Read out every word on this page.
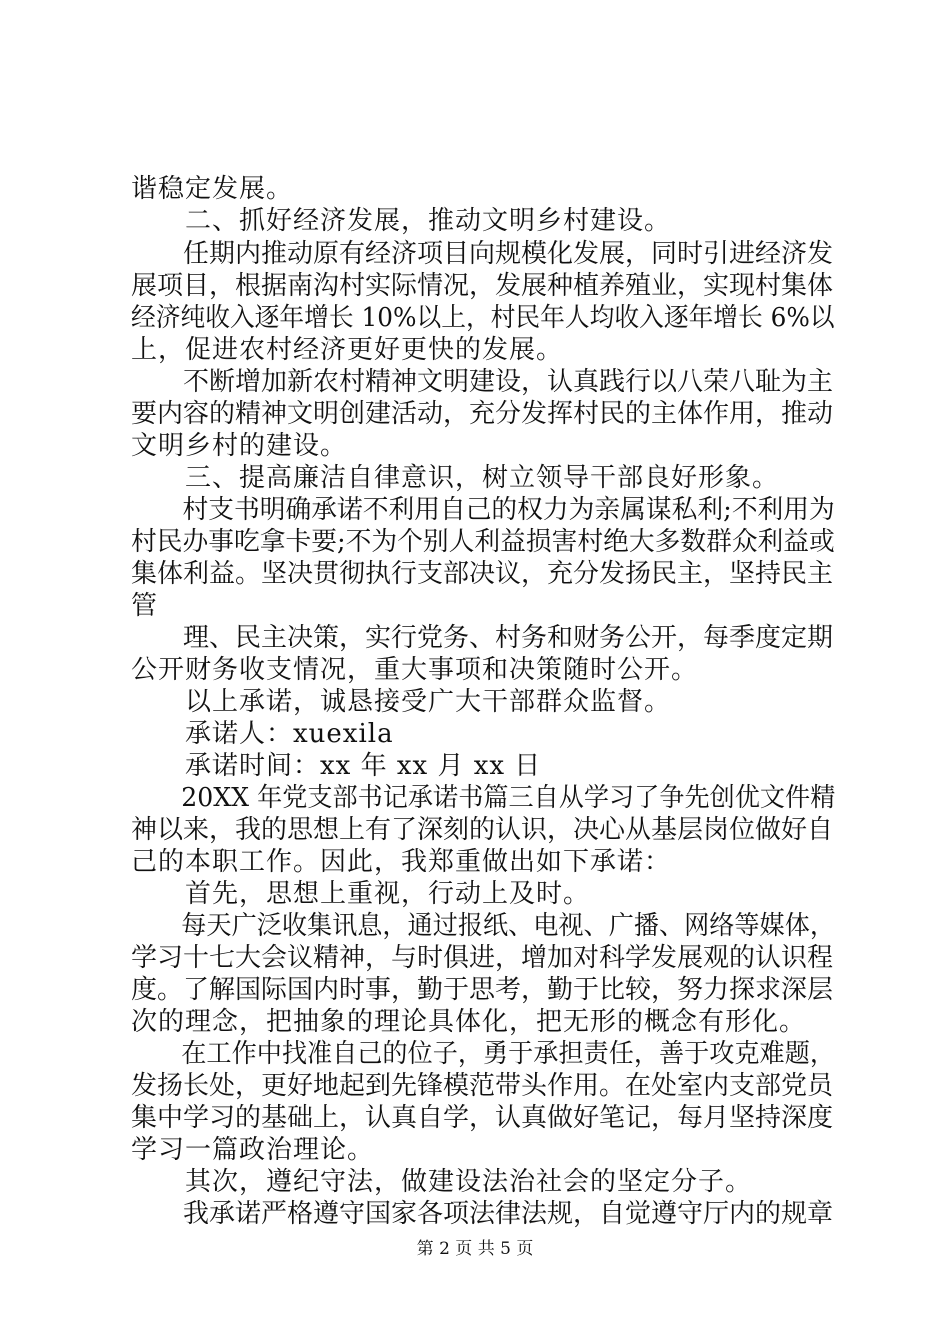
谐稳定发展。
　　二、抓好经济发展，推动文明乡村建设。
　　任期内推动原有经济项目向规模化发展，同时引进经济发
展项目，根据南沟村实际情况，发展种植养殖业，实现村集体
经济纯收入逐年增长 10%以上，村民年人均收入逐年增长 6%以
上，促进农村经济更好更快的发展。
　　不断增加新农村精神文明建设，认真践行以八荣八耻为主
要内容的精神文明创建活动，充分发挥村民的主体作用，推动
文明乡村的建设。
　　三、提高廉洁自律意识，树立领导干部良好形象。
　　村支书明确承诺不利用自己的权力为亲属谋私利;不利用为
村民办事吃拿卡要;不为个别人利益损害村绝大多数群众利益或
集体利益。坚决贯彻执行支部决议，充分发扬民主，坚持民主
管
　　理、民主决策，实行党务、村务和财务公开，每季度定期
公开财务收支情况，重大事项和决策随时公开。
　　以上承诺，诚恳接受广大干部群众监督。
　　承诺人：xuexila
　　承诺时间：xx 年 xx 月 xx 日
　　20XX 年党支部书记承诺书篇三自从学习了争先创优文件精
神以来，我的思想上有了深刻的认识，决心从基层岗位做好自
己的本职工作。因此，我郑重做出如下承诺：
　　首先，思想上重视，行动上及时。
　　每天广泛收集讯息，通过报纸、电视、广播、网络等媒体，
学习十七大会议精神，与时俱进，增加对科学发展观的认识程
度。了解国际国内时事，勤于思考，勤于比较，努力探求深层
次的理念，把抽象的理论具体化，把无形的概念有形化。
　　在工作中找准自己的位子，勇于承担责任，善于攻克难题，
发扬长处，更好地起到先锋模范带头作用。在处室内支部党员
集中学习的基础上，认真自学，认真做好笔记，每月坚持深度
学习一篇政治理论。
　　其次，遵纪守法，做建设法治社会的坚定分子。
　　我承诺严格遵守国家各项法律法规，自觉遵守厅内的规章
第 2 页 共 5 页
